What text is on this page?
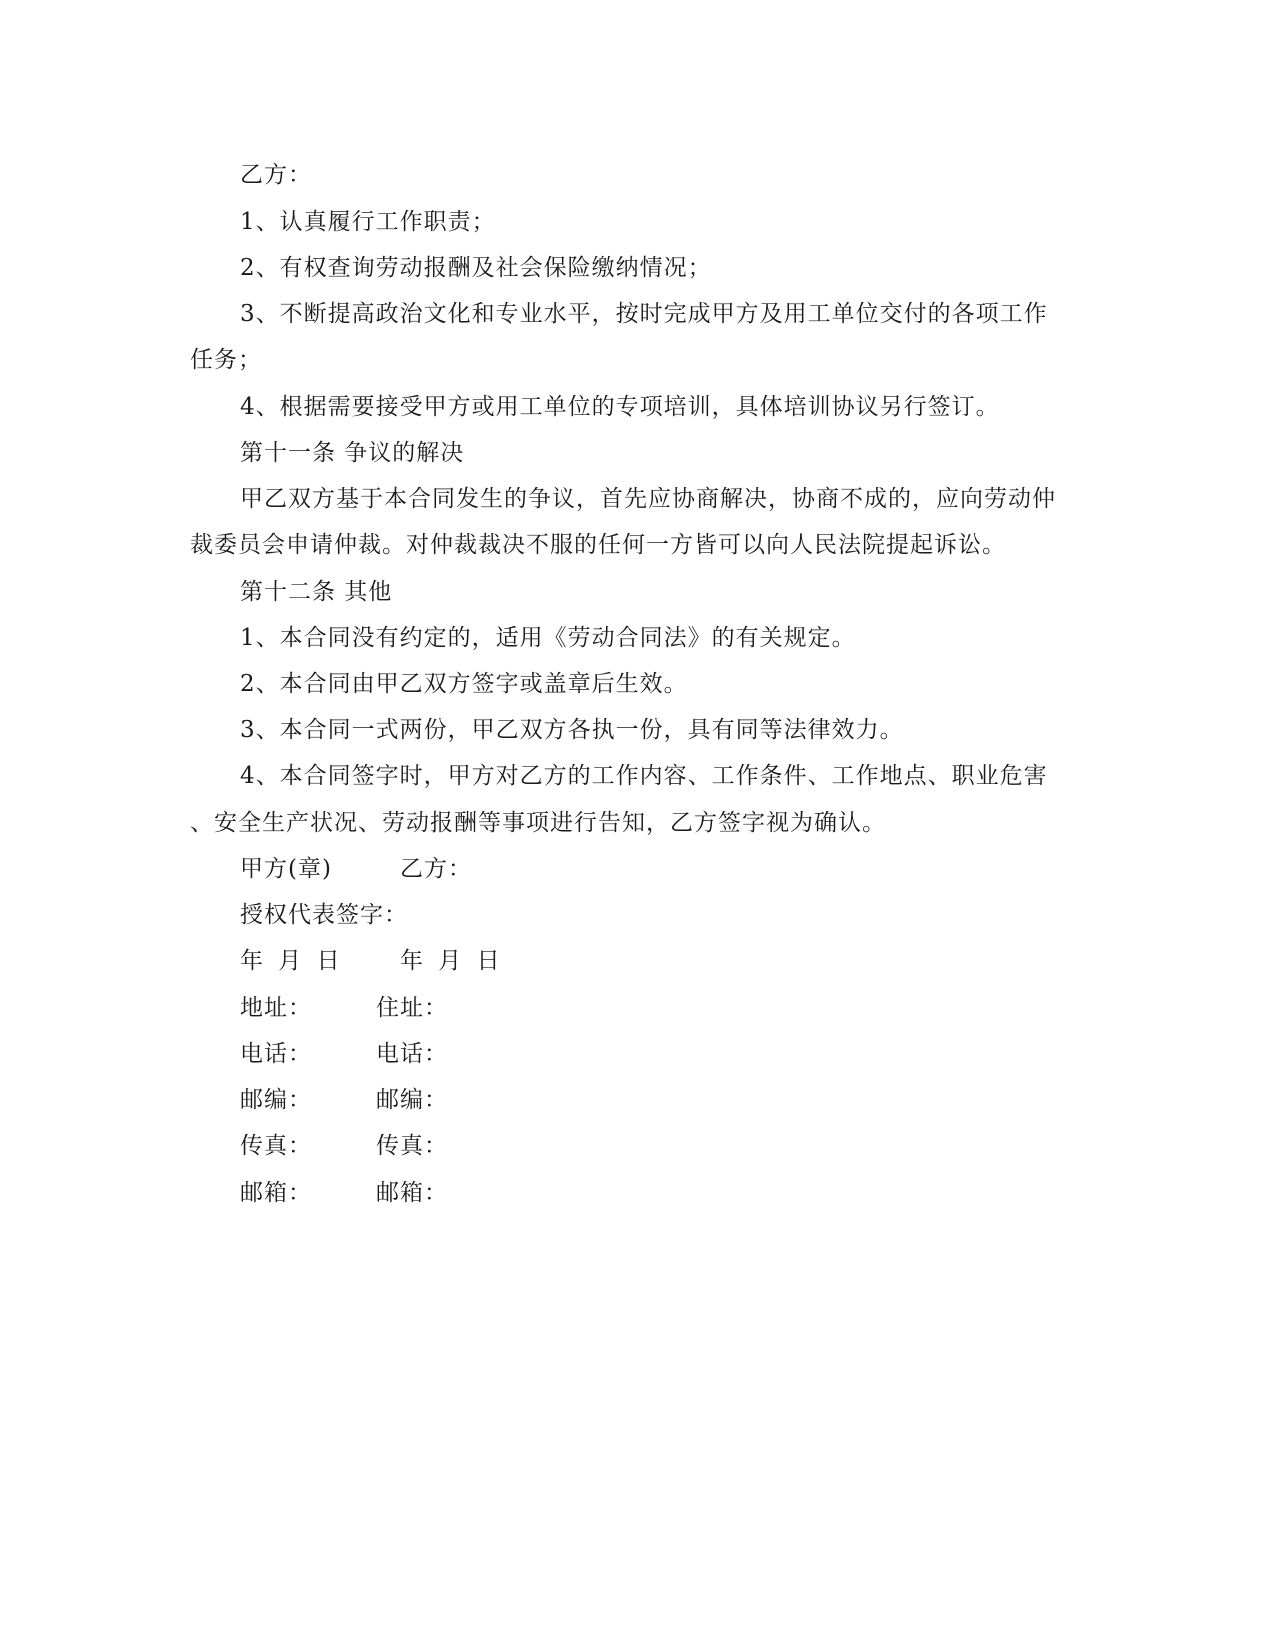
乙方：
1、认真履行工作职责；
2、有权查询劳动报酬及社会保险缴纳情况；
3、不断提高政治文化和专业水平，按时完成甲方及用工单位交付的各项工作
任务；
4、根据需要接受甲方或用工单位的专项培训，具体培训协议另行签订。
第十一条 争议的解决
甲乙双方基于本合同发生的争议，首先应协商解决，协商不成的，应向劳动仲
裁委员会申请仲裁。对仲裁裁决不服的任何一方皆可以向人民法院提起诉讼。
第十二条 其他
1、本合同没有约定的，适用《劳动合同法》的有关规定。
2、本合同由甲乙双方签字或盖章后生效。
3、本合同一式两份，甲乙双方各执一份，具有同等法律效力。
4、本合同签字时，甲方对乙方的工作内容、工作条件、工作地点、职业危害
、安全生产状况、劳动报酬等事项进行告知，乙方签字视为确认。
甲方(章)	乙方：
授权代表签字：
年 月 日	年 月 日
地址：	住址：
电话：	电话：
邮编：	邮编：
传真：	传真：
邮箱：	邮箱：
